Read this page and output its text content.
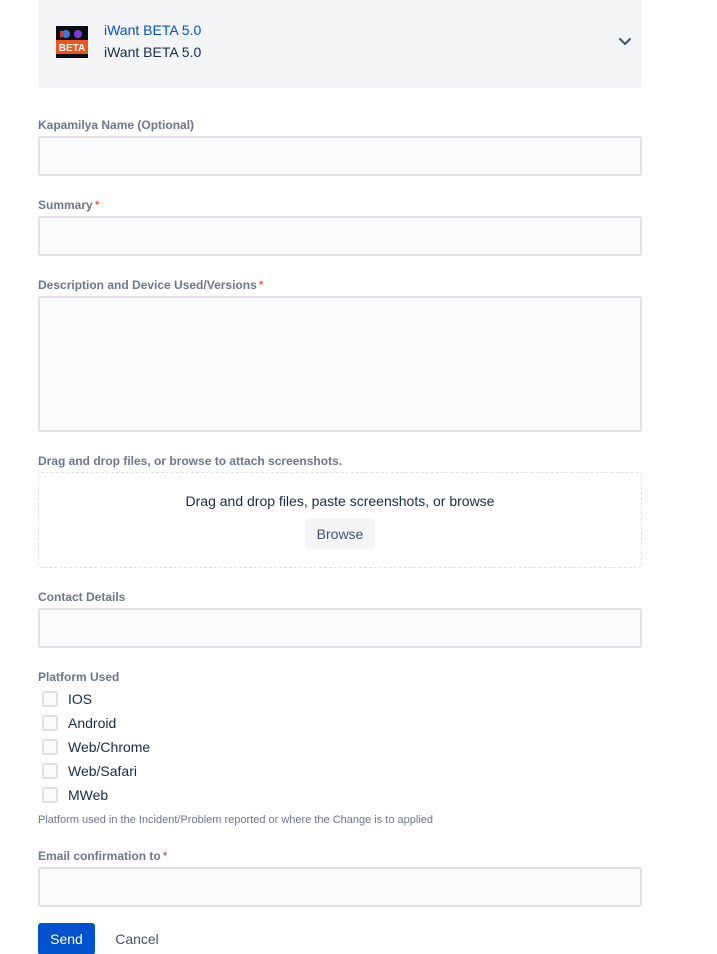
BETA
iWant BETA 5.0
iWant BETA 5.0
Kapamilya Name (Optional)
Summary *
Description and Device Used/Versions *
Drag and drop files, or browse to attach screenshots.
Drag and drop files, paste screenshots, or browse
Browse
Contact Details
Platform Used
IOS
Android
Web/Chrome
Web/Safari
MWeb
Platform used in the Incident/Problem reported or where the Change is to applied
Email confirmation to *
Send	Cancel
